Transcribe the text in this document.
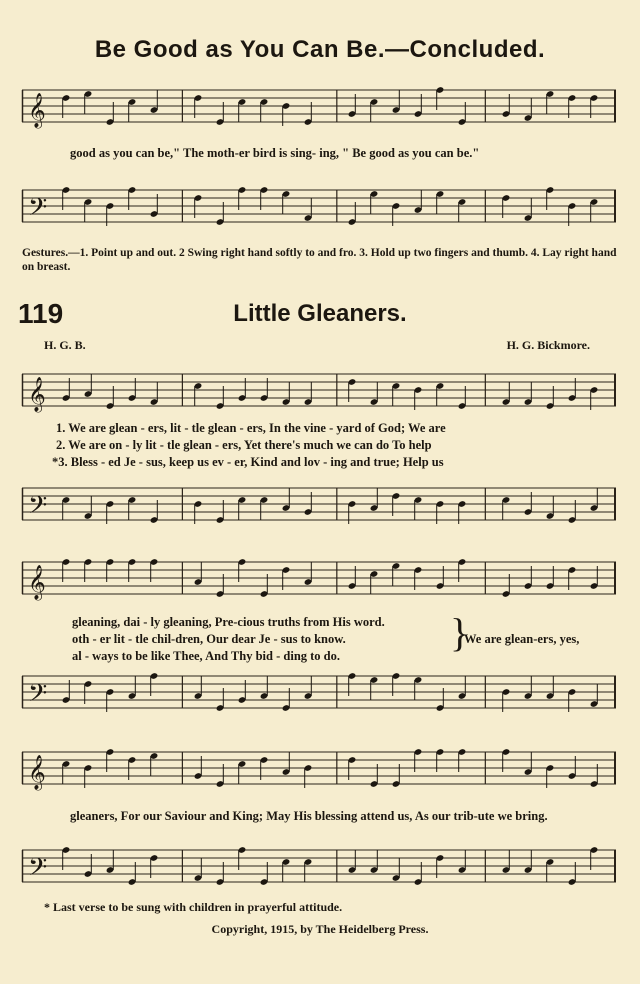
Be Good as You Can Be.—Concluded.
𝄞
good as you can be," The moth-er bird is sing- ing, " Be good as you can be."
𝄢
Gestures.—1. Point up and out. 2 Swing right hand softly to and fro. 3. Hold up two fingers and thumb. 4. Lay right hand on breast.
119	Little Gleaners.
H. G. B.	H. G. Bickmore.
𝄞
1. We are glean - ers, lit - tle glean - ers, In the vine - yard of God; We are
2. We are on - ly lit - tle glean - ers, Yet there's much we can do To help
*3. Bless - ed Je - sus, keep us ev - er, Kind and lov - ing and true; Help us
𝄢
𝄞
gleaning, dai - ly gleaning, Pre-cious truths from His word.
oth - er lit - tle chil-dren, Our dear Je - sus to know.
al - ways to be like Thee, And Thy bid - ding to do.
}
We are glean-ers, yes,
𝄢
𝄞
gleaners, For our Saviour and King; May His blessing attend us, As our trib-ute we bring.
𝄢
* Last verse to be sung with children in prayerful attitude.
Copyright, 1915, by The Heidelberg Press.
